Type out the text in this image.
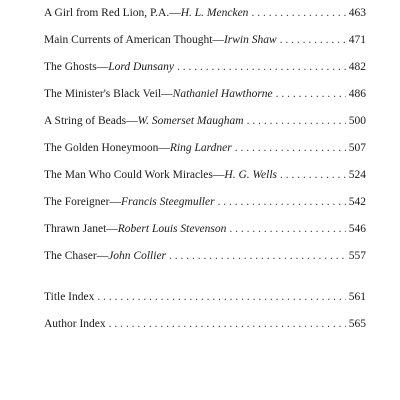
A Girl from Red Lion, P.A.—H. L. Mencken . . .	463
Main Currents of American Thought—Irwin Shaw . . .	471
The Ghosts—Lord Dunsany . . .	482
The Minister's Black Veil—Nathaniel Hawthorne . . .	486
A String of Beads—W. Somerset Maugham . . .	500
The Golden Honeymoon—Ring Lardner . . .	507
The Man Who Could Work Miracles—H. G. Wells . . .	524
The Foreigner—Francis Steegmuller . . .	542
Thrawn Janet—Robert Louis Stevenson . . .	546
The Chaser—John Collier . . .	557
Title Index . . .	561
Author Index . . .	565
